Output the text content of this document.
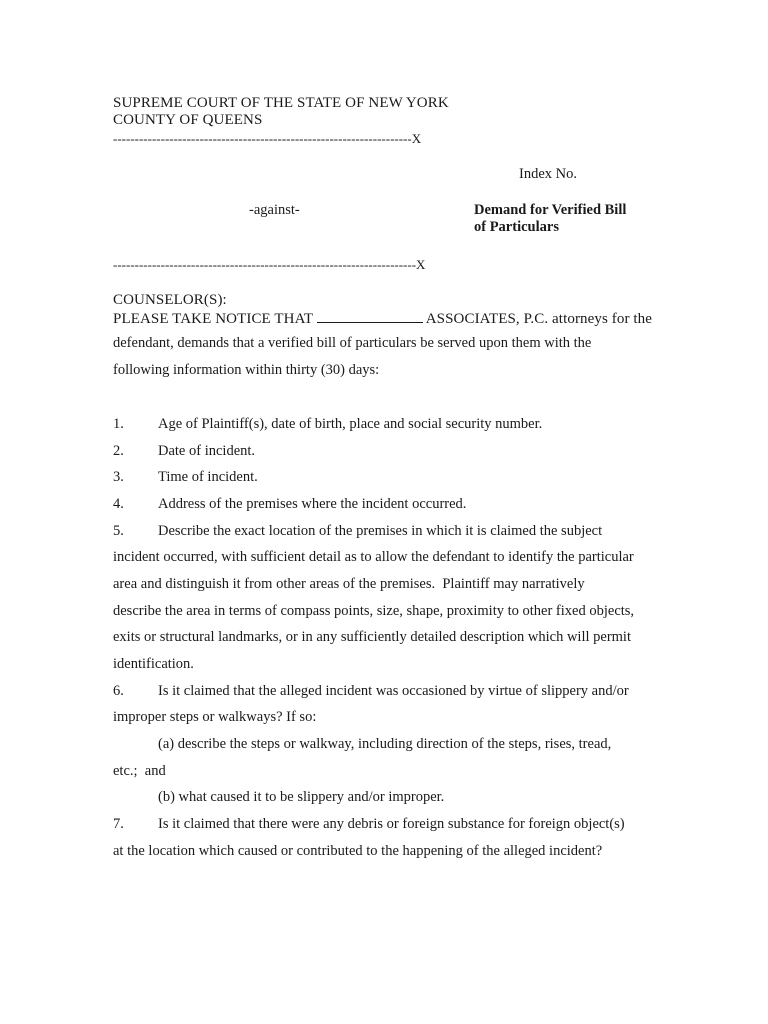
SUPREME COURT OF THE STATE OF NEW YORK
COUNTY OF QUEENS
---------------------------------------------------------------------X
Index No.
-against-	Demand for Verified Bill
of Particulars
----------------------------------------------------------------------X
COUNSELOR(S):
PLEASE TAKE NOTICE THAT	ASSOCIATES, P.C. attorneys for the
defendant, demands that a verified bill of particulars be served upon them with the
following information within thirty (30) days:
1. Age of Plaintiff(s), date of birth, place and social security number.
2. Date of incident.
3. Time of incident.
4. Address of the premises where the incident occurred.
5. Describe the exact location of the premises in which it is claimed the subject
incident occurred, with sufficient detail as to allow the defendant to identify the particular
area and distinguish it from other areas of the premises.  Plaintiff may narratively
describe the area in terms of compass points, size, shape, proximity to other fixed objects,
exits or structural landmarks, or in any sufficiently detailed description which will permit
identification.
6. Is it claimed that the alleged incident was occasioned by virtue of slippery and/or
improper steps or walkways? If so:
(a) describe the steps or walkway, including direction of the steps, rises, tread,
etc.;  and
(b) what caused it to be slippery and/or improper.
7. Is it claimed that there were any debris or foreign substance for foreign object(s)
at the location which caused or contributed to the happening of the alleged incident?
